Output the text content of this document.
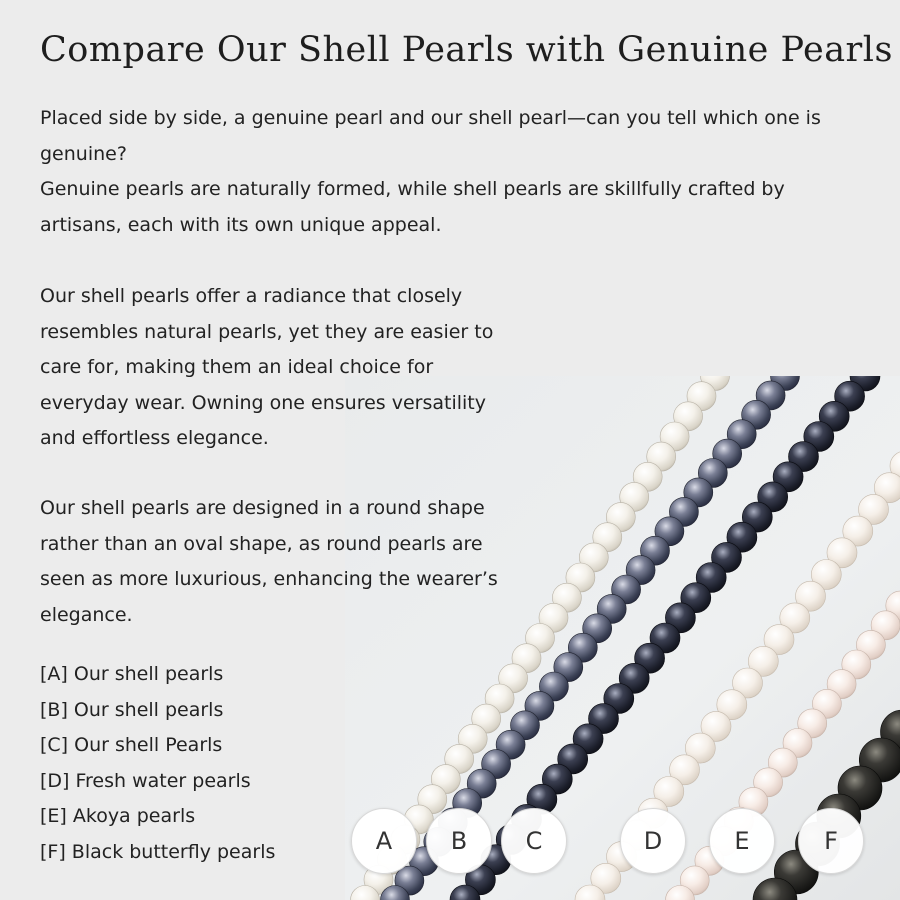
Compare Our Shell Pearls with Genuine Pearls

Placed side by side, a genuine pearl and our shell pearl—can you tell which one is genuine?
Genuine pearls are naturally formed, while shell pearls are skillfully crafted by artisans, each with its own unique appeal.

Our shell pearls offer a radiance that closely resembles natural pearls, yet they are easier to care for, making them an ideal choice for everyday wear. Owning one ensures versatility and effortless elegance.

Our shell pearls are designed in a round shape rather than an oval shape, as round pearls are seen as more luxurious, enhancing the wearer’s elegance.

[A] Our shell pearls
[B] Our shell pearls
[C] Our shell Pearls
[D] Fresh water pearls
[E] Akoya pearls
[F] Black butterfly pearls	A	B	C	D	E	F
